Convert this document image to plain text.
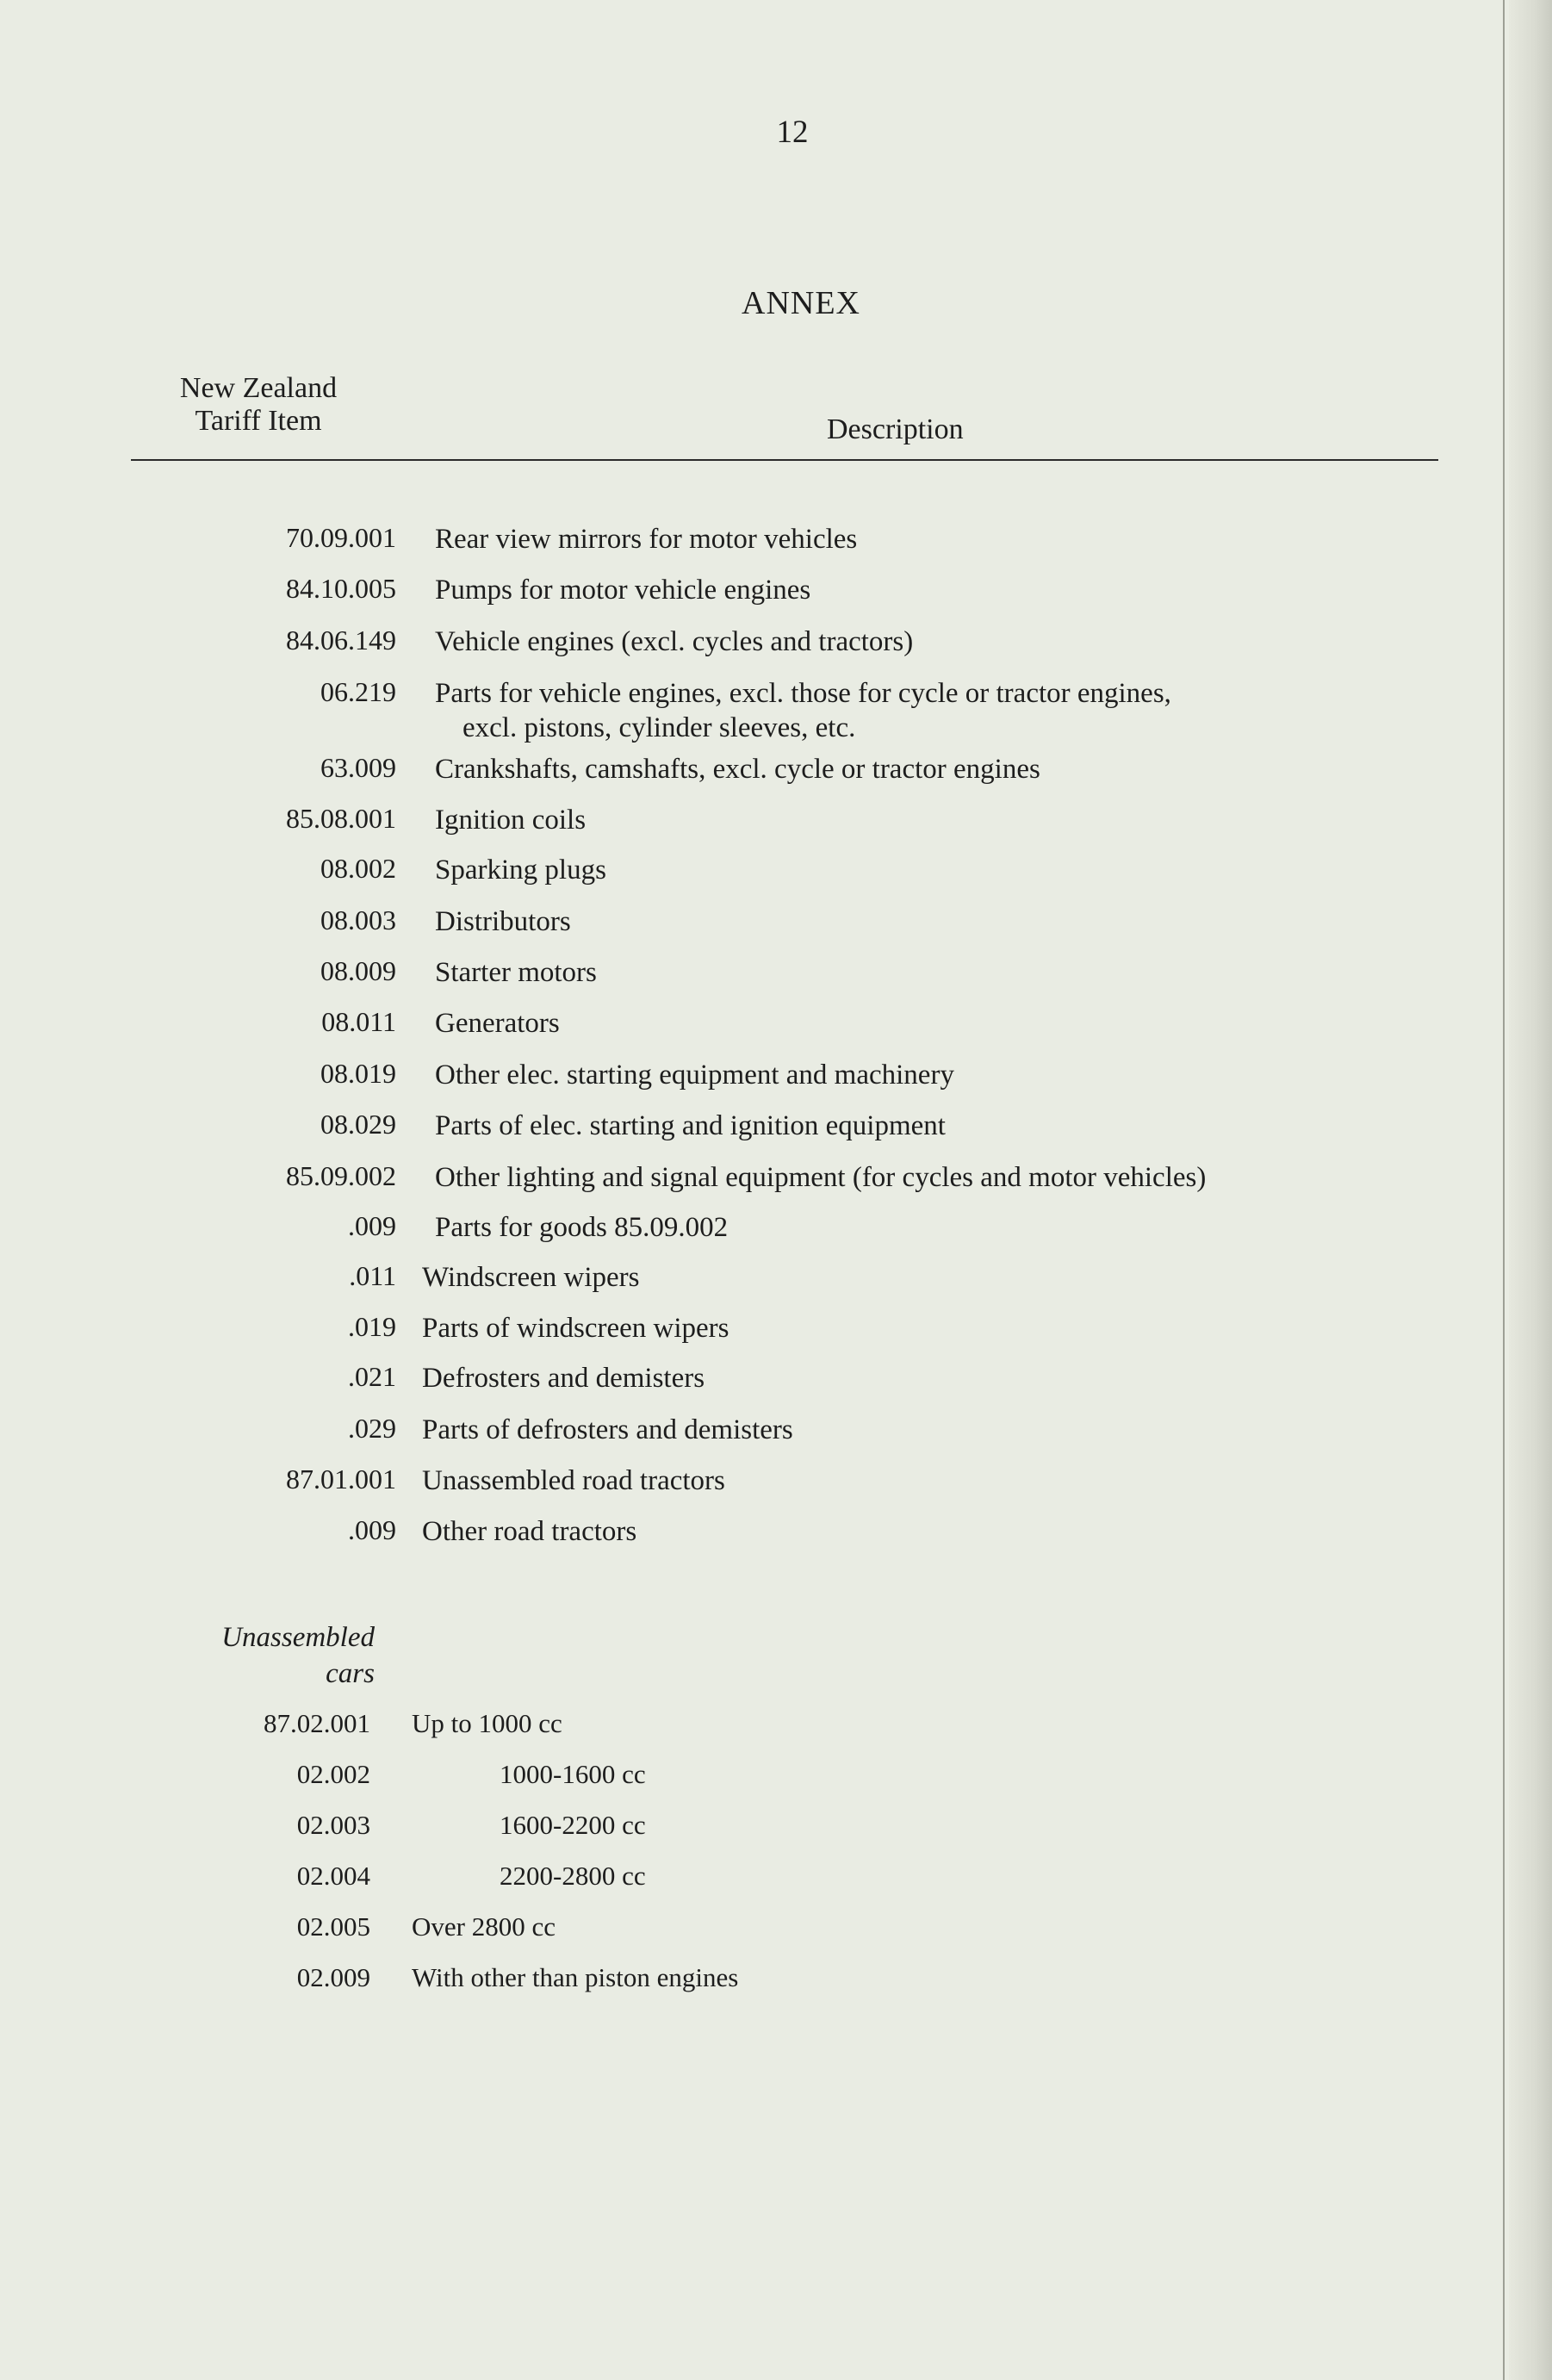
12
ANNEX
New Zealand
Tariff Item	Description
70.09.001 Rear view mirrors for motor vehicles
84.10.005 Pumps for motor vehicle engines
84.06.149 Vehicle engines (excl. cycles and tractors)
06.219 Parts for vehicle engines, excl. those for cycle or tractor engines,
excl. pistons, cylinder sleeves, etc.
63.009 Crankshafts, camshafts, excl. cycle or tractor engines
85.08.001 Ignition coils
08.002 Sparking plugs
08.003 Distributors
08.009 Starter motors
08.011 Generators
08.019 Other elec. starting equipment and machinery
08.029 Parts of elec. starting and ignition equipment
85.09.002 Other lighting and signal equipment (for cycles and motor vehicles)
.009 Parts for goods 85.09.002
.011 Windscreen wipers
.019 Parts of windscreen wipers
.021 Defrosters and demisters
.029 Parts of defrosters and demisters
87.01.001 Unassembled road tractors
.009 Other road tractors
Unassembled
cars
87.02.001 Up to 1000 cc
02.002	1000-1600 cc
02.003	1600-2200 cc
02.004	2200-2800 cc
02.005 Over 2800 cc
02.009 With other than piston engines
